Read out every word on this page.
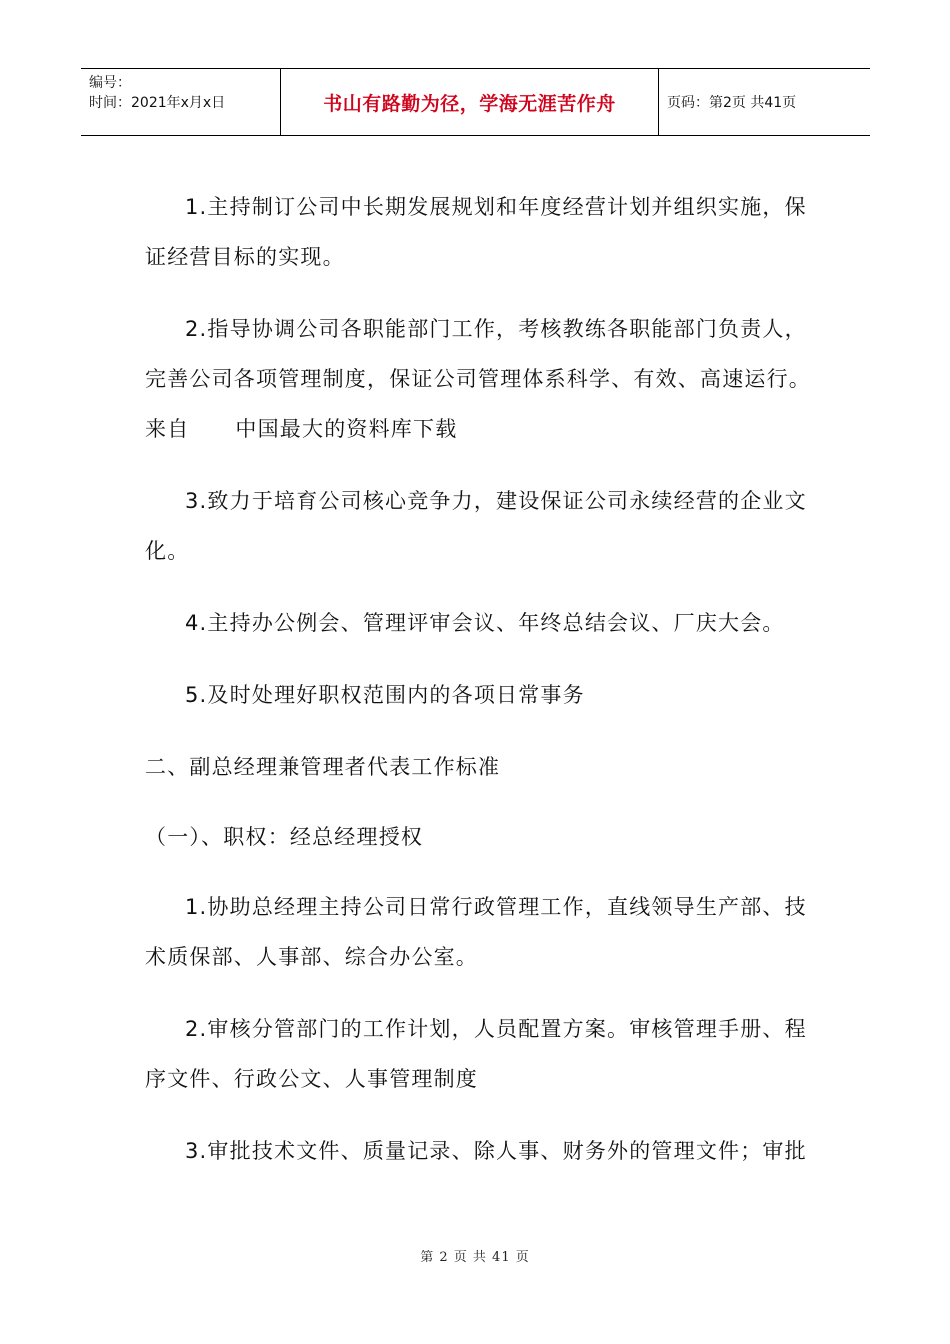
编号：
时间：2021年x月x日	书山有路勤为径，学海无涯苦作舟	页码：第2页 共41页

1.主持制订公司中长期发展规划和年度经营计划并组织实施，保证经营目标的实现。

2.指导协调公司各职能部门工作，考核教练各职能部门负责人，完善公司各项管理制度，保证公司管理体系科学、有效、高速运行。来自 中国最大的资料库下载

3.致力于培育公司核心竞争力，建设保证公司永续经营的企业文化。

4.主持办公例会、管理评审会议、年终总结会议、厂庆大会。

5.及时处理好职权范围内的各项日常事务

二、副总经理兼管理者代表工作标准

（一）、职权：经总经理授权

1.协助总经理主持公司日常行政管理工作，直线领导生产部、技术质保部、人事部、综合办公室。

2.审核分管部门的工作计划，人员配置方案。审核管理手册、程序文件、行政公文、人事管理制度

3.审批技术文件、质量记录、除人事、财务外的管理文件；审批

第 2 页 共 41 页
